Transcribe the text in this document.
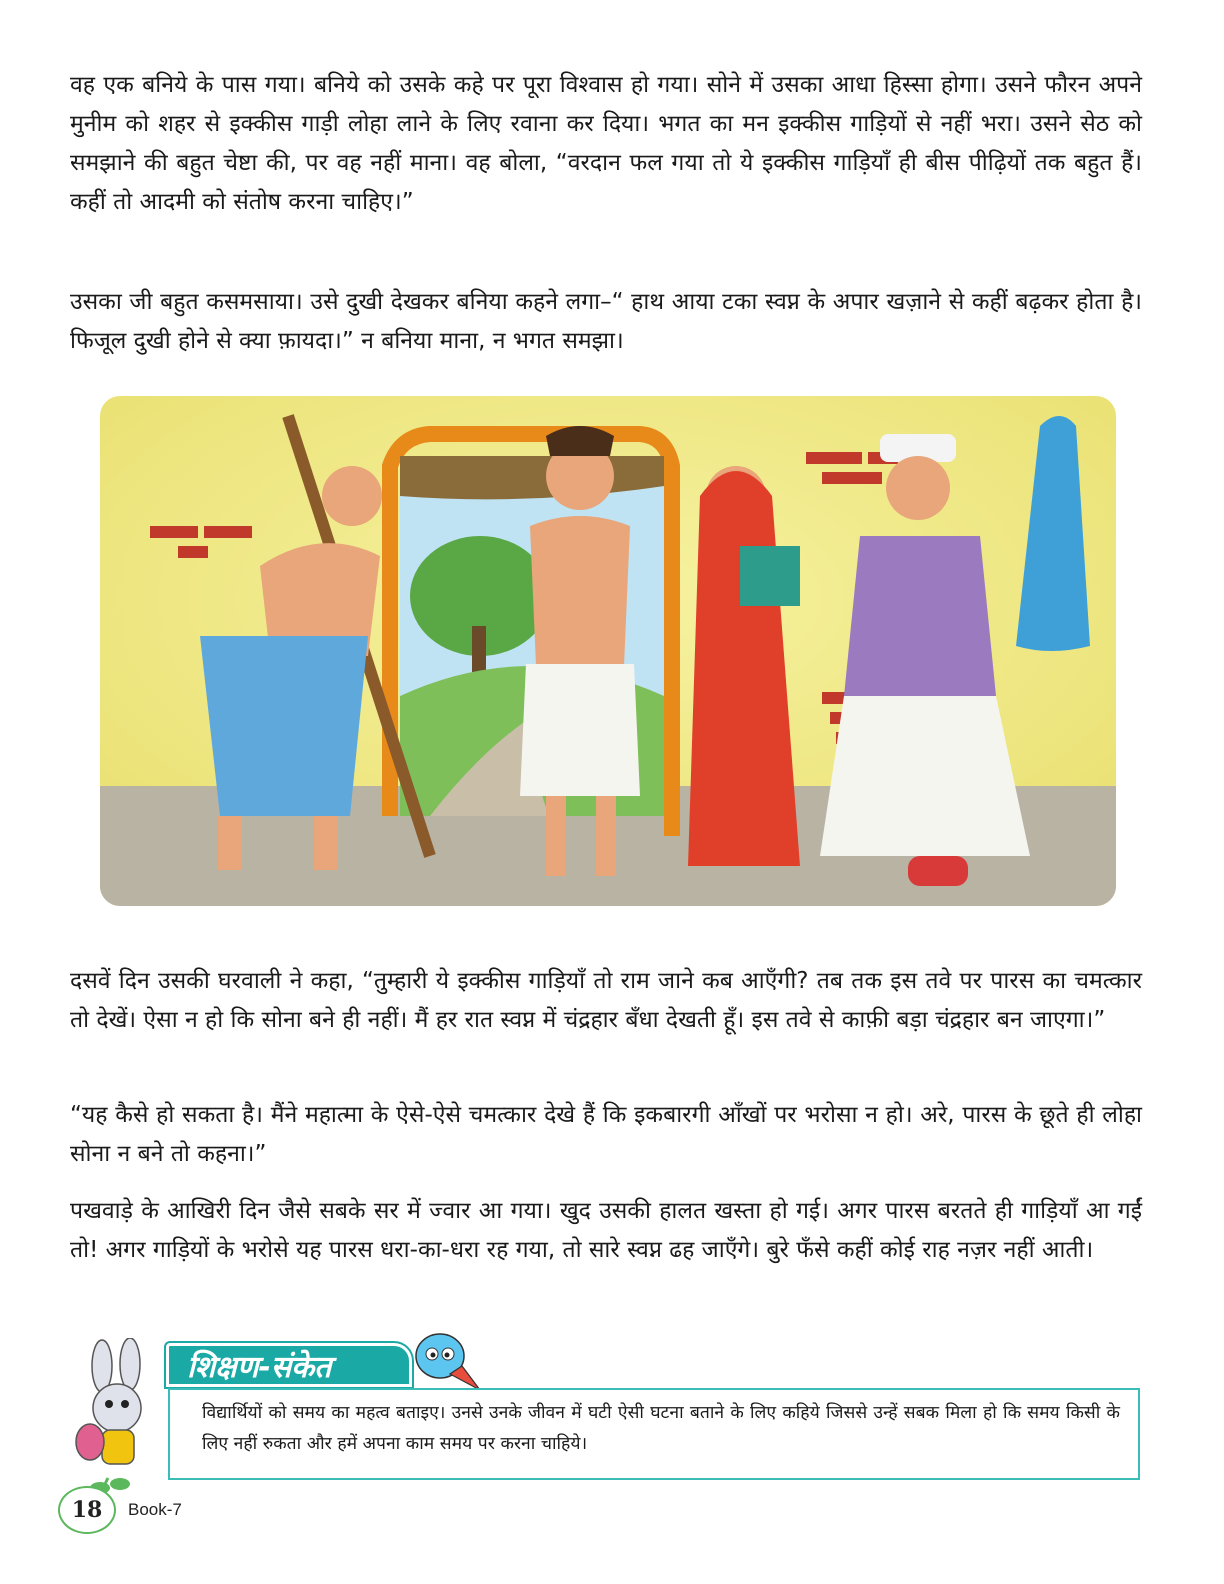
वह एक बनिये के पास गया। बनिये को उसके कहे पर पूरा विश्वास हो गया। सोने में उसका आधा हिस्सा होगा। उसने फौरन अपने मुनीम को शहर से इक्कीस गाड़ी लोहा लाने के लिए रवाना कर दिया। भगत का मन इक्कीस गाड़ियों से नहीं भरा। उसने सेठ को समझाने की बहुत चेष्टा की, पर वह नहीं माना। वह बोला, “वरदान फल गया तो ये इक्कीस गाड़ियाँ ही बीस पीढ़ियों तक बहुत हैं। कहीं तो आदमी को संतोष करना चाहिए।”

उसका जी बहुत कसमसाया। उसे दुखी देखकर बनिया कहने लगा–“ हाथ आया टका स्वप्न के अपार खज़ाने से कहीं बढ़कर होता है। फिजूल दुखी होने से क्या फ़ायदा।” न बनिया माना, न भगत समझा।

दसवें दिन उसकी घरवाली ने कहा, “तुम्हारी ये इक्कीस गाड़ियाँ तो राम जाने कब आएँगी? तब तक इस तवे पर पारस का चमत्कार तो देखें। ऐसा न हो कि सोना बने ही नहीं। मैं हर रात स्वप्न में चंद्रहार बँधा देखती हूँ। इस तवे से काफ़ी बड़ा चंद्रहार बन जाएगा।”

“यह कैसे हो सकता है। मैंने महात्मा के ऐसे-ऐसे चमत्कार देखे हैं कि इकबारगी आँखों पर भरोसा न हो। अरे, पारस के छूते ही लोहा सोना न बने तो कहना।”

पखवाड़े के आखिरी दिन जैसे सबके सर में ज्वार आ गया। खुद उसकी हालत खस्ता हो गई। अगर पारस बरतते ही गाड़ियाँ आ गईं तो! अगर गाड़ियों के भरोसे यह पारस धरा-का-धरा रह गया, तो सारे स्वप्न ढह जाएँगे। बुरे फँसे कहीं कोई राह नज़र नहीं आती।

शिक्षण-संकेत

विद्यार्थियों को समय का महत्व बताइए। उनसे उनके जीवन में घटी ऐसी घटना बताने के लिए कहिये जिससे उन्हें सबक मिला हो कि समय किसी के लिए नहीं रुकता और हमें अपना काम समय पर करना चाहिये।

18 Book-7
